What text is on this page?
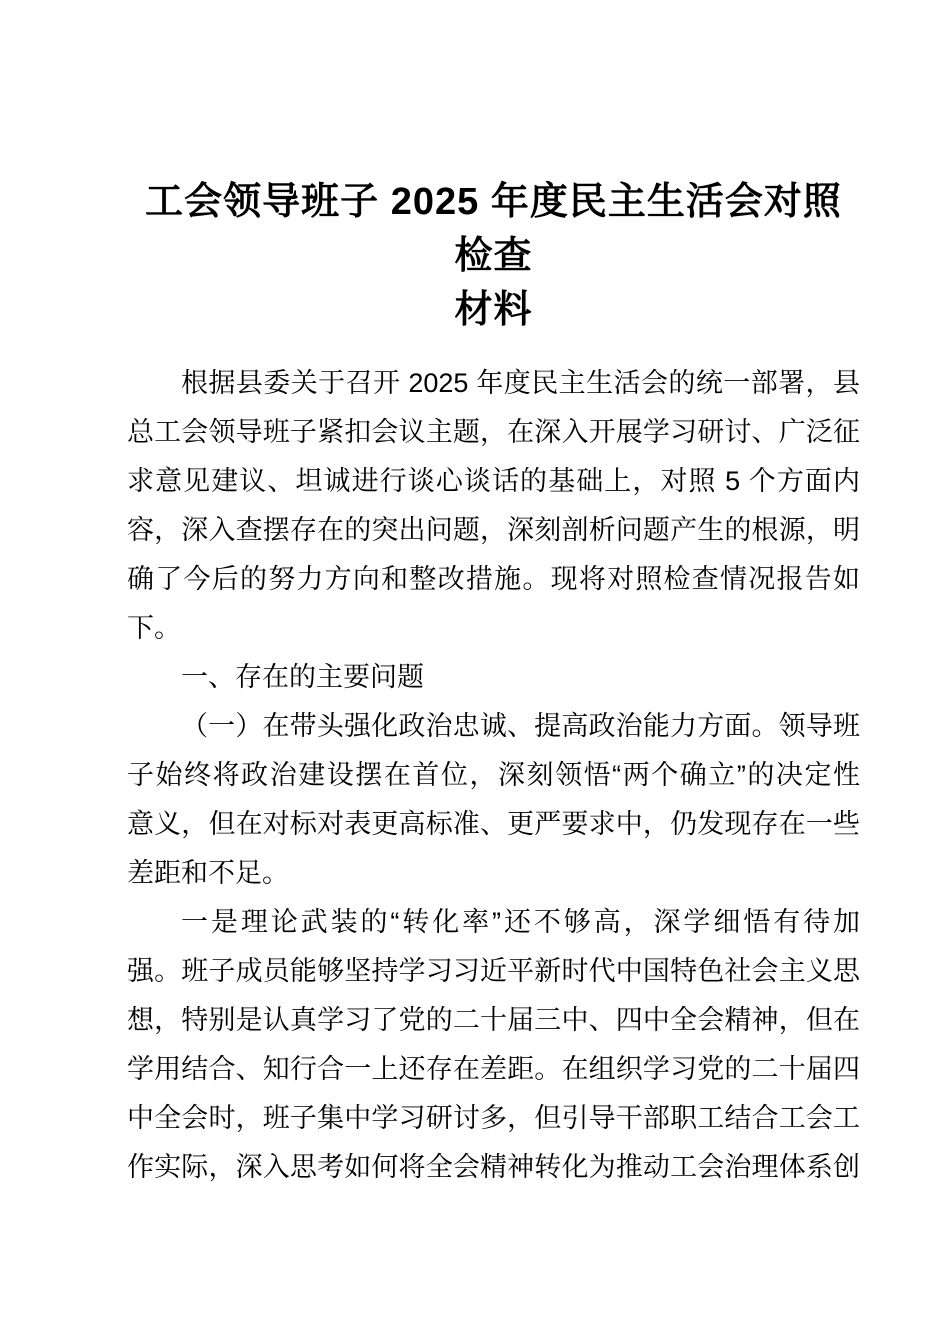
工会领导班子 2025 年度民主生活会对照检查
材料
根据县委关于召开 2025 年度民主生活会的统一部署，县
总工会领导班子紧扣会议主题，在深入开展学习研讨、广泛征
求意见建议、坦诚进行谈心谈话的基础上，对照 5 个方面内
容，深入查摆存在的突出问题，深刻剖析问题产生的根源，明
确了今后的努力方向和整改措施。现将对照检查情况报告如
下。
一、存在的主要问题
（一）在带头强化政治忠诚、提高政治能力方面。领导班
子始终将政治建设摆在首位，深刻领悟“两个确立”的决定性
意义，但在对标对表更高标准、更严要求中，仍发现存在一些
差距和不足。
一是理论武装的“转化率”还不够高，深学细悟有待加
强。班子成员能够坚持学习习近平新时代中国特色社会主义思
想，特别是认真学习了党的二十届三中、四中全会精神，但在
学用结合、知行合一上还存在差距。在组织学习党的二十届四
中全会时，班子集中学习研讨多，但引导干部职工结合工会工
作实际，深入思考如何将全会精神转化为推动工会治理体系创
